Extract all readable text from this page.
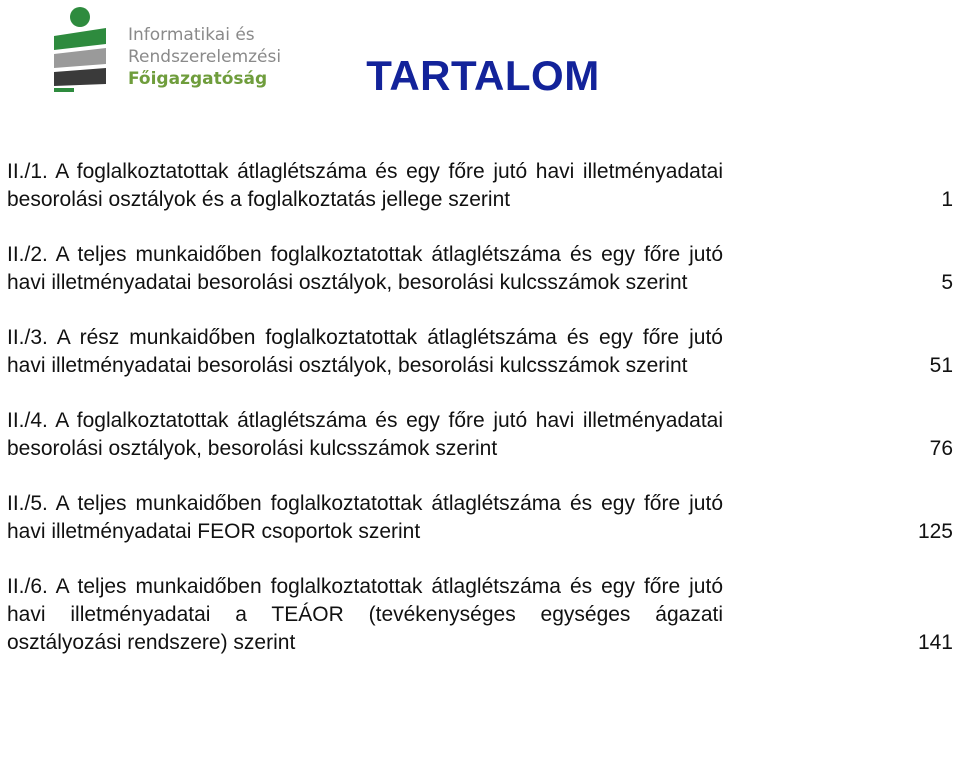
Informatikai és
Rendszerelemzési
Főigazgatóság	TARTALOM
II./1. A foglalkoztatottak átlaglétszáma és egy főre jutó havi illetményadatai besorolási osztályok és a foglalkoztatás jellege szerint	1
II./2. A teljes munkaidőben foglalkoztatottak átlaglétszáma és egy főre jutó havi illetményadatai besorolási osztályok, besorolási kulcsszámok szerint	5
II./3. A rész munkaidőben foglalkoztatottak átlaglétszáma és egy főre jutó havi illetményadatai besorolási osztályok, besorolási kulcsszámok szerint	51
II./4. A foglalkoztatottak átlaglétszáma és egy főre jutó havi illetményadatai besorolási osztályok, besorolási kulcsszámok szerint	76
II./5. A teljes munkaidőben foglalkoztatottak átlaglétszáma és egy főre jutó havi illetményadatai FEOR csoportok szerint	125
II./6. A teljes munkaidőben foglalkoztatottak átlaglétszáma és egy főre jutó havi illetményadatai a TEÁOR (tevékenységes egységes ágazati osztályozási rendszere) szerint	141
